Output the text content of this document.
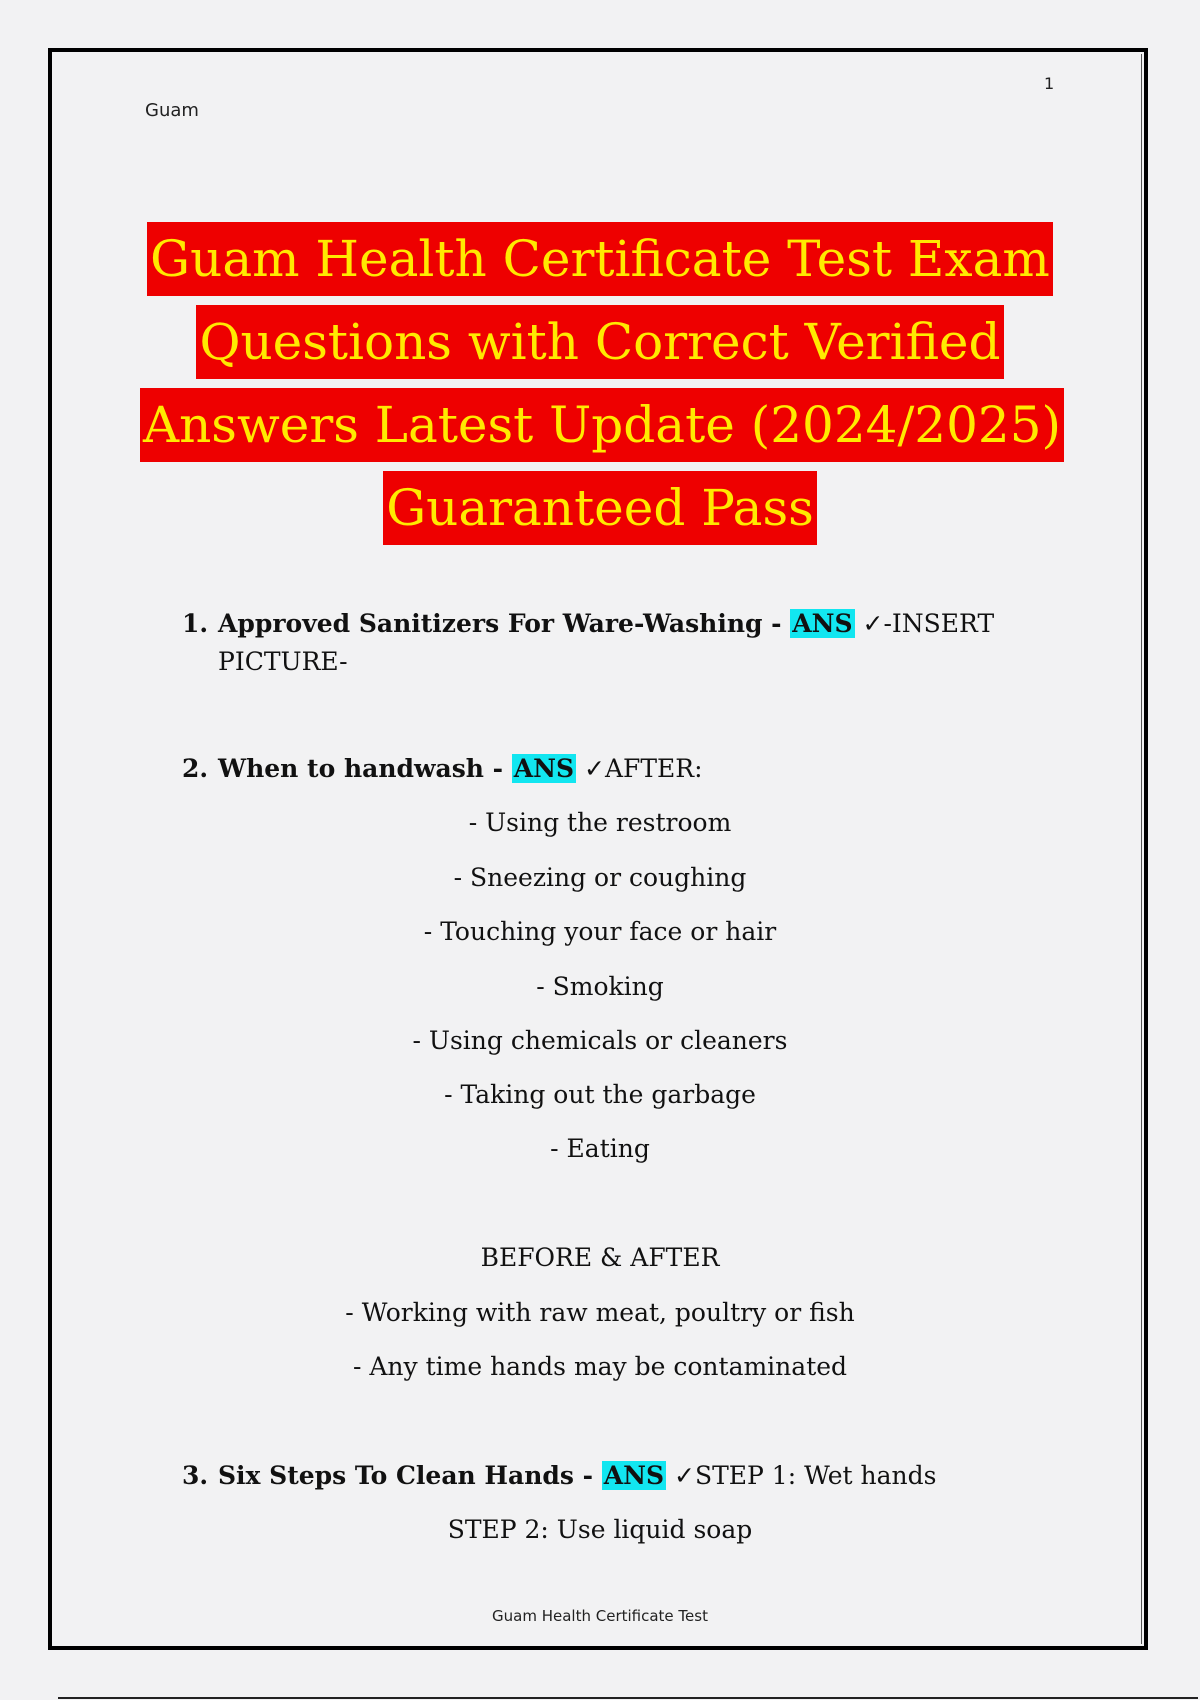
Guam
1
Guam Health Certificate Test Exam
Questions with Correct Verified
Answers Latest Update (2024/2025)
Guaranteed Pass
1. Approved Sanitizers For Ware-Washing - ANS ✓-INSERT
PICTURE-
2. When to handwash - ANS ✓AFTER:
- Using the restroom
- Sneezing or coughing
- Touching your face or hair
- Smoking
- Using chemicals or cleaners
- Taking out the garbage
- Eating
BEFORE & AFTER
- Working with raw meat, poultry or fish
- Any time hands may be contaminated
3. Six Steps To Clean Hands - ANS ✓STEP 1: Wet hands
STEP 2: Use liquid soap
Guam Health Certificate Test
